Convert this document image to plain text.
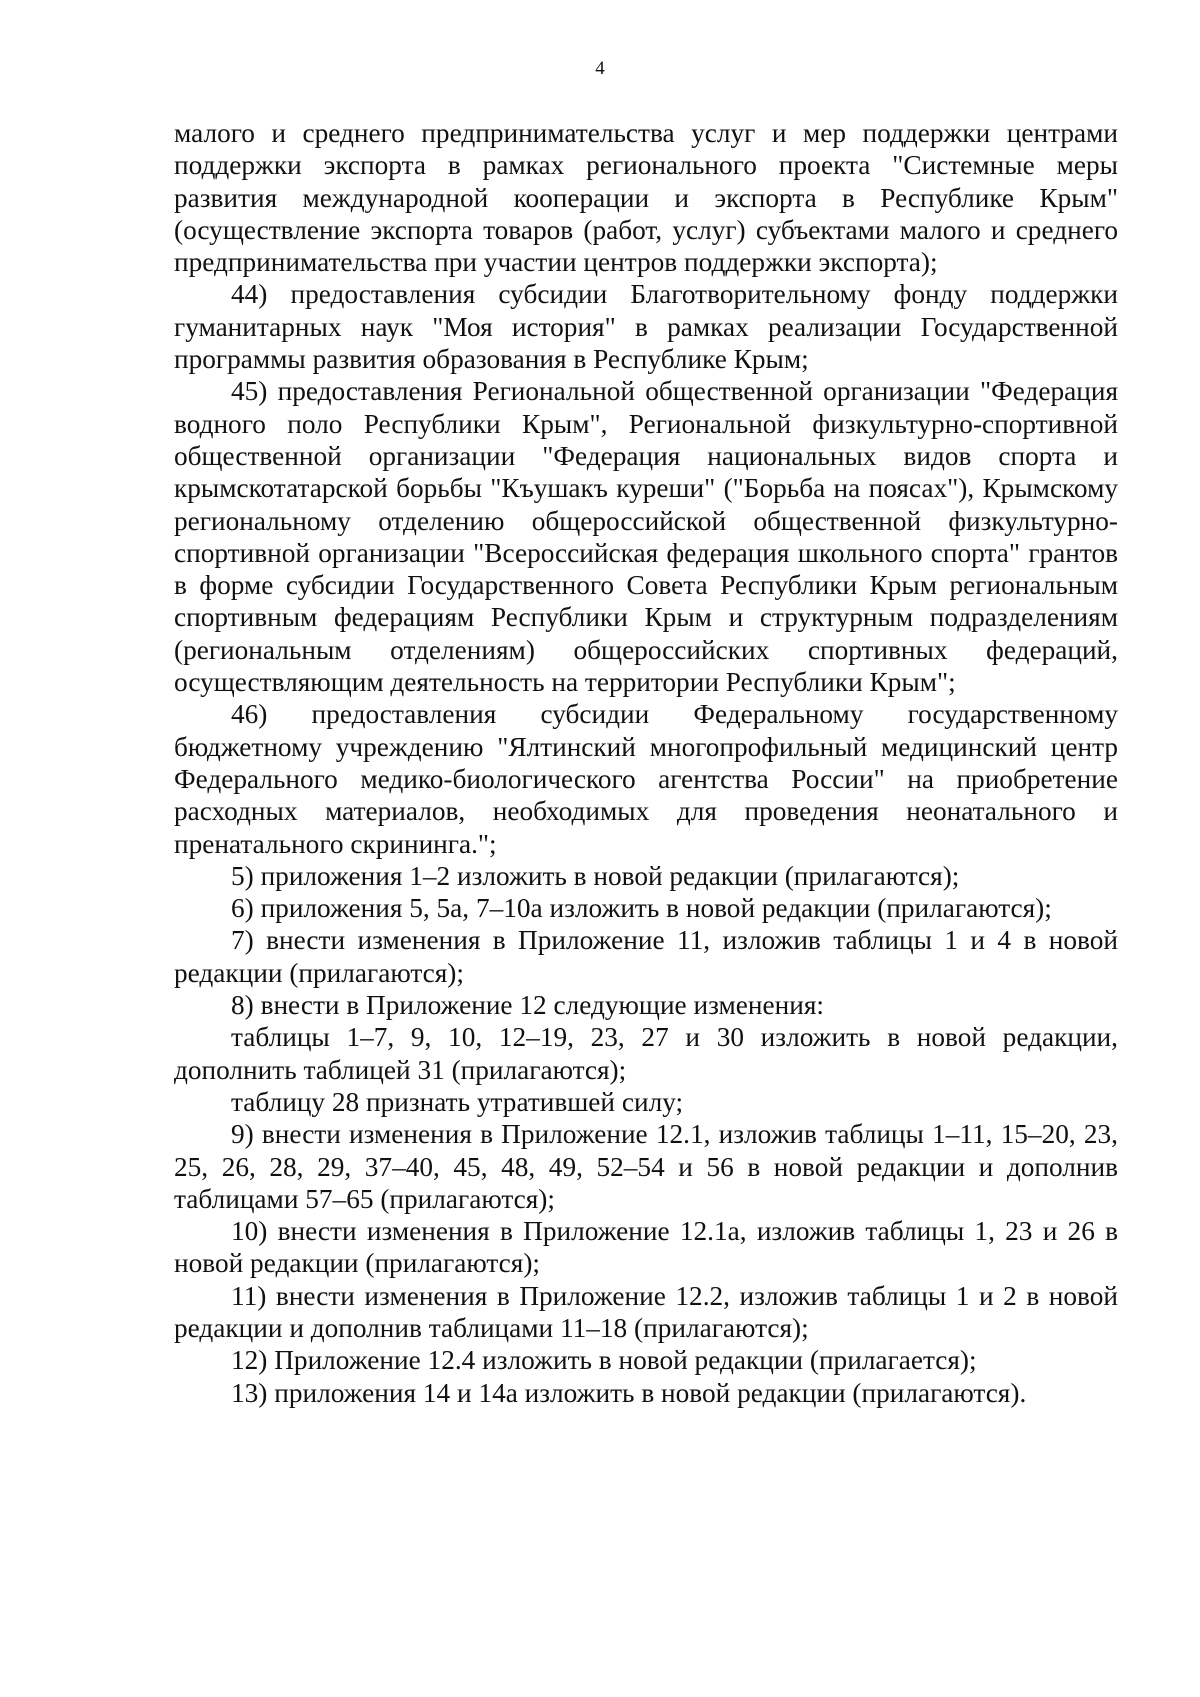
4

малого и среднего предпринимательства услуг и мер поддержки центрами поддержки экспорта в рамках регионального проекта "Системные меры развития международной кооперации и экспорта в Республике Крым" (осуществление экспорта товаров (работ, услуг) субъектами малого и среднего предпринимательства при участии центров поддержки экспорта);

44) предоставления субсидии Благотворительному фонду поддержки гуманитарных наук "Моя история" в рамках реализации Государственной программы развития образования в Республике Крым;

45) предоставления Региональной общественной организации "Федерация водного поло Республики Крым", Региональной физкультурно-спортивной общественной организации "Федерация национальных видов спорта и крымскотатарской борьбы "Къушакъ куреши" ("Борьба на поясах"), Крымскому региональному отделению общероссийской общественной физкультурно-спортивной организации "Всероссийская федерация школьного спорта" грантов в форме субсидии Государственного Совета Республики Крым региональным спортивным федерациям Республики Крым и структурным подразделениям (региональным отделениям) общероссийских спортивных федераций, осуществляющим деятельность на территории Республики Крым";

46) предоставления субсидии Федеральному государственному бюджетному учреждению "Ялтинский многопрофильный медицинский центр Федерального медико-биологического агентства России" на приобретение расходных материалов, необходимых для проведения неонатального и пренатального скрининга.";

5) приложения 1–2 изложить в новой редакции (прилагаются);

6) приложения 5, 5а, 7–10а изложить в новой редакции (прилагаются);

7) внести изменения в Приложение 11, изложив таблицы 1 и 4 в новой редакции (прилагаются);

8) внести в Приложение 12 следующие изменения:

таблицы 1–7, 9, 10, 12–19, 23, 27 и 30 изложить в новой редакции, дополнить таблицей 31 (прилагаются);

таблицу 28 признать утратившей силу;

9) внести изменения в Приложение 12.1, изложив таблицы 1–11, 15–20, 23, 25, 26, 28, 29, 37–40, 45, 48, 49, 52–54 и 56 в новой редакции и дополнив таблицами 57–65 (прилагаются);

10) внести изменения в Приложение 12.1а, изложив таблицы 1, 23 и 26 в новой редакции (прилагаются);

11) внести изменения в Приложение 12.2, изложив таблицы 1 и 2 в новой редакции и дополнив таблицами 11–18 (прилагаются);

12) Приложение 12.4 изложить в новой редакции (прилагается);

13) приложения 14 и 14а изложить в новой редакции (прилагаются).
